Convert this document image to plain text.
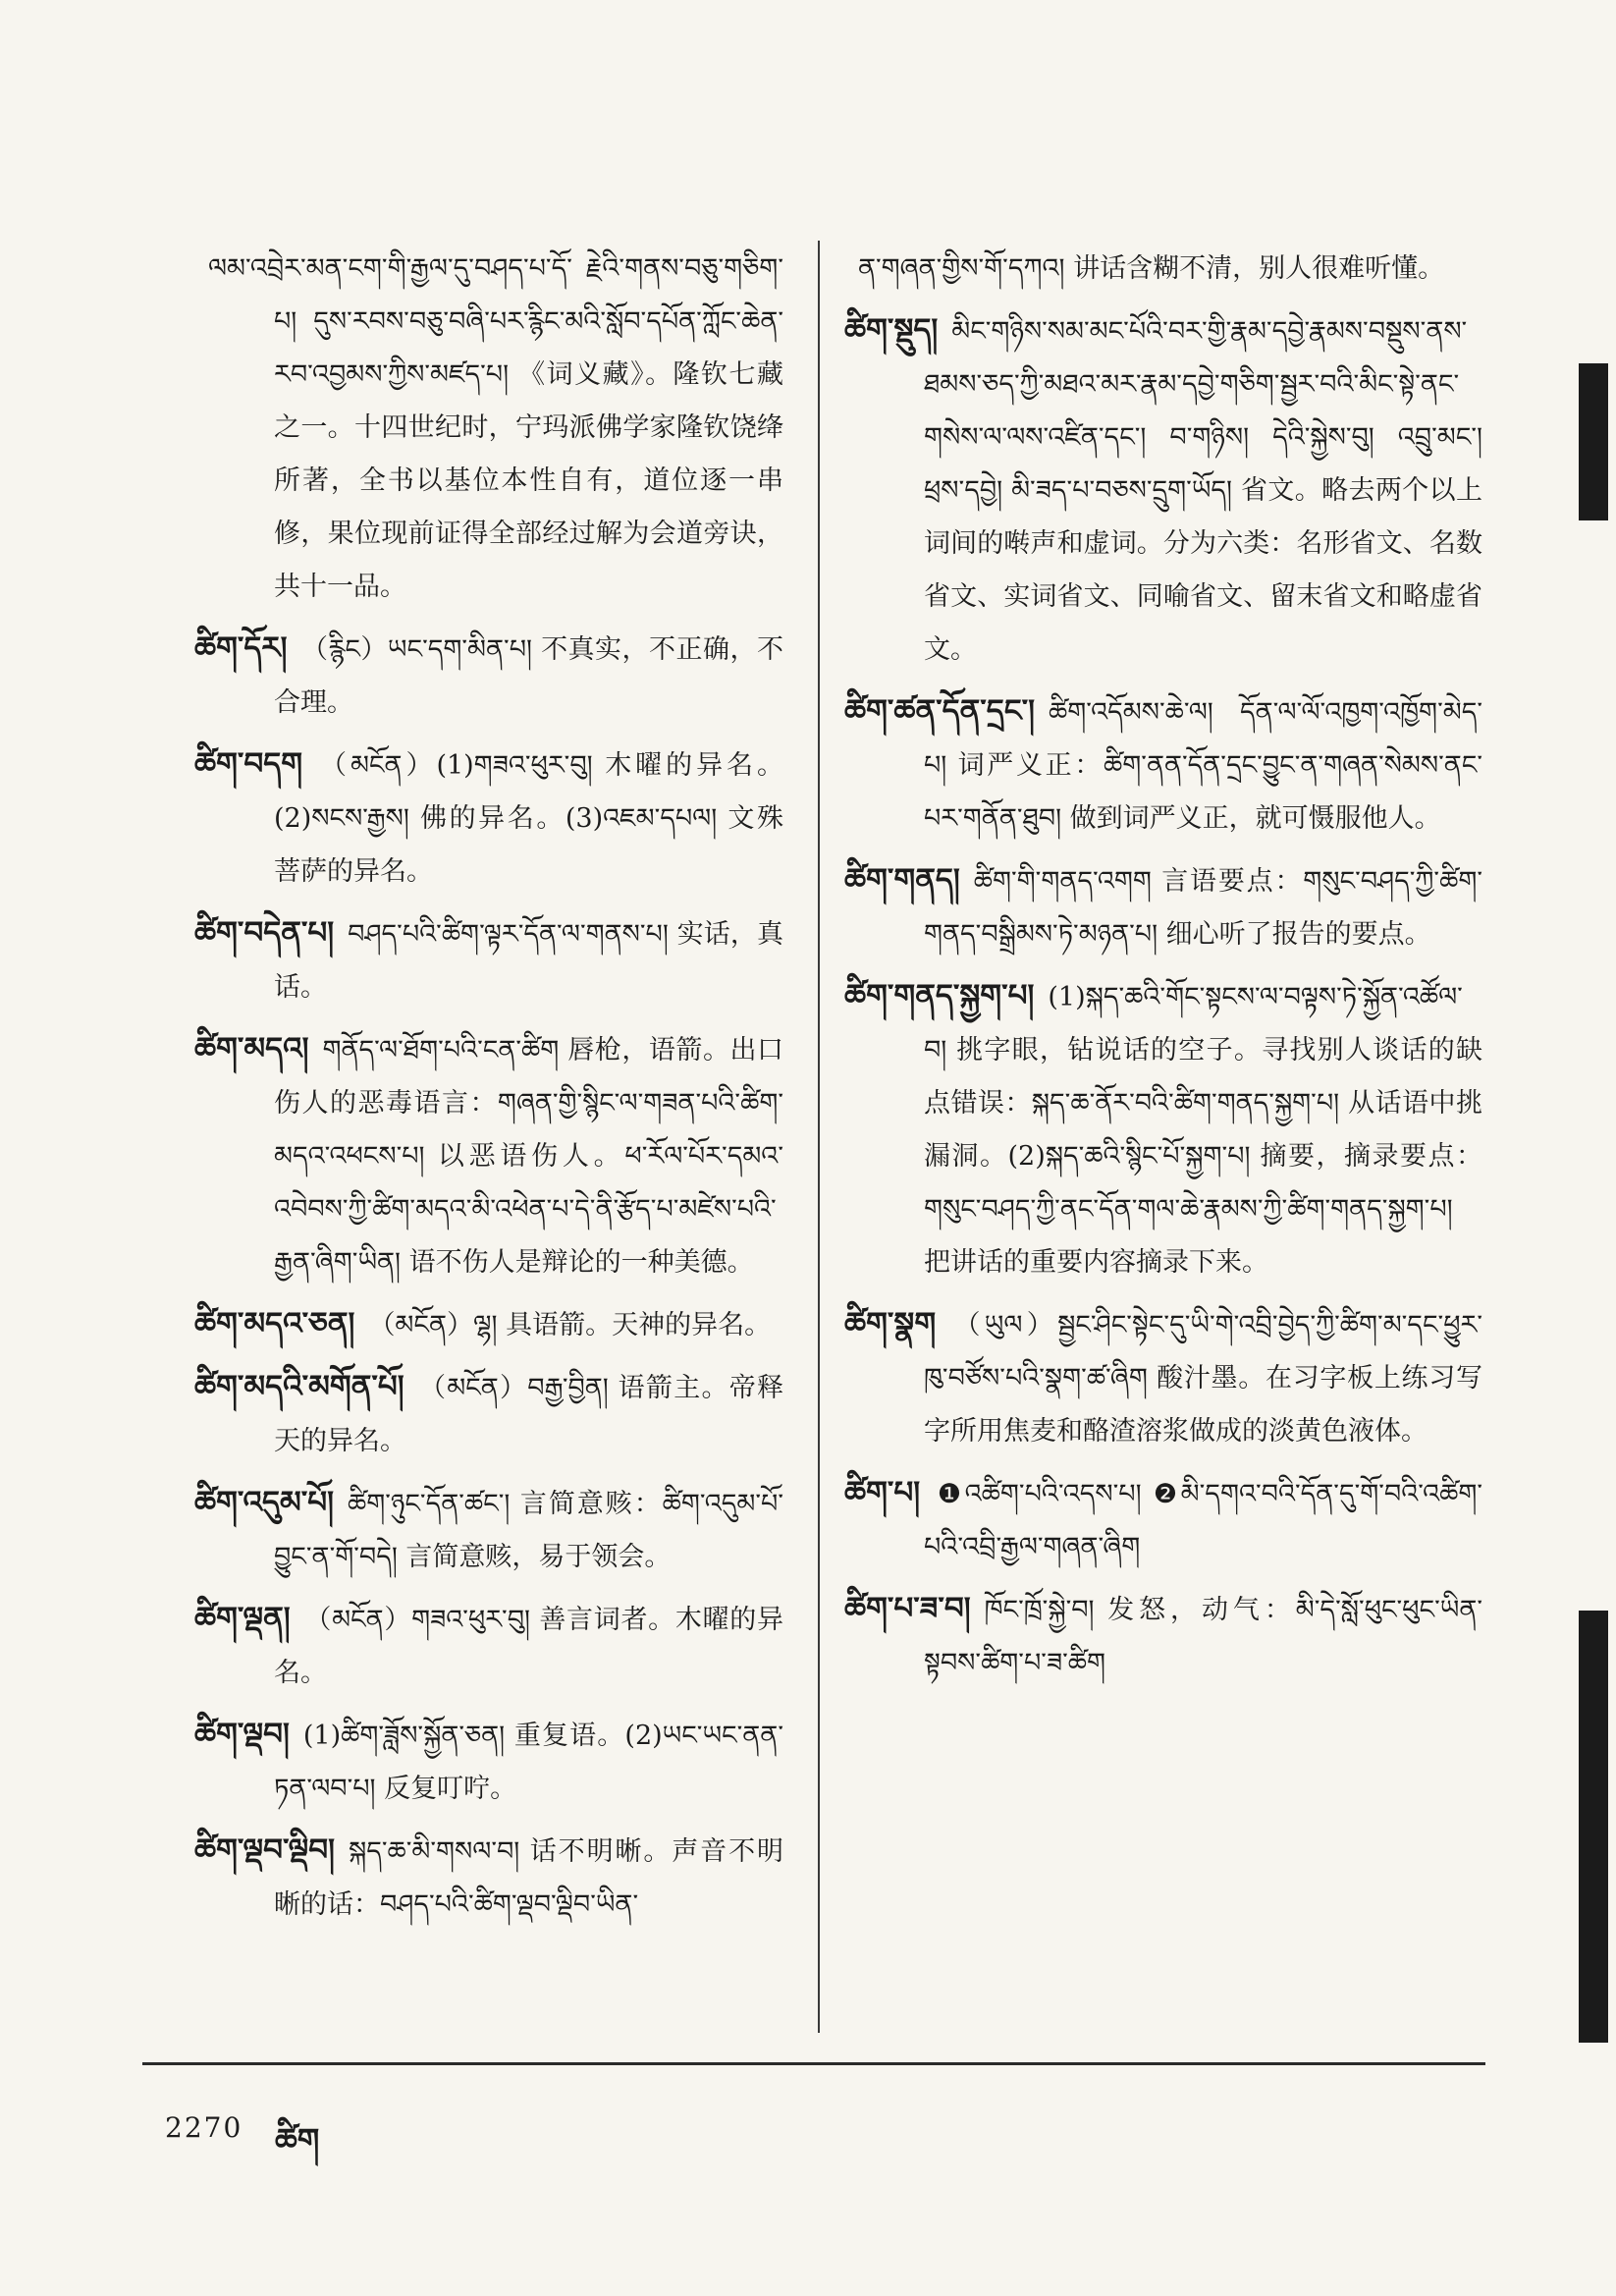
ལམ་འབྲེར་མན་ངག་གི་རྒྱལ་དུ་བཤད་པ་དོ་ རྗེའི་གནས་བཅུ་གཅིག་པ། དུས་རབས་བཅུ་བཞི་པར་རྙིང་མའི་སློབ་དཔོན་ཀློང་ཆེན་རབ་འབྱམས་ཀྱིས་མཛད་པ། 《词义藏》。隆钦七藏之一。十四世纪时，宁玛派佛学家隆钦饶绛所著，全书以基位本性自有，道位逐一串修，果位现前证得全部经过解为会道旁诀，共十一品。

ཚིག་དོར། （རྙིང）ཡང་དག་མིན་པ། 不真实，不正确，不合理。

ཚིག་བདག （མངོན）(1)གཟའ་ཕུར་བུ། 木曜的异名。(2)སངས་རྒྱས། 佛的异名。(3)འཇམ་དཔལ། 文殊菩萨的异名。

ཚིག་བདེན་པ། བཤད་པའི་ཚིག་ལྟར་དོན་ལ་གནས་པ། 实话，真话。

ཚིག་མདའ། གནོད་ལ་ཐོག་པའི་ངན་ཚིག 唇枪，语箭。出口伤人的恶毒语言：གཞན་གྱི་སྙིང་ལ་གཟན་པའི་ཚིག་མདའ་འཕངས་པ། 以恶语伤人。ཕ་རོལ་པོར་དམའ་འབེབས་ཀྱི་ཚིག་མདའ་མི་འཕེན་པ་དེ་ནི་རྩོད་པ་མཛེས་པའི་རྒྱན་ཞིག་ཡིན། 语不伤人是辩论的一种美德。

ཚིག་མདའ་ཅན། （མངོན）ལྷ། 具语箭。天神的异名。

ཚིག་མདའི་མགོན་པོ། （མངོན）བརྒྱ་བྱིན། 语箭主。帝释天的异名。

ཚིག་འདུམ་པོ། ཚིག་ཉུང་དོན་ཚང་། 言简意赅：ཚིག་འདུམ་པོ་བྱུང་ན་གོ་བདེ། 言简意赅，易于领会。

ཚིག་ལྡན། （མངོན）གཟའ་ཕུར་བུ། 善言词者。木曜的异名。

ཚིག་ལྡབ། (1)ཚིག་ཟློས་སྐྱོན་ཅན། 重复语。(2)ཡང་ཡང་ནན་ཏན་ལབ་པ། 反复叮咛。

ཚིག་ལྡབ་ལྡིབ། སྐད་ཆ་མི་གསལ་བ། 话不明晰。声音不明晰的话：བཤད་པའི་ཚིག་ལྡབ་ལྡིབ་ཡིན་

ན་གཞན་གྱིས་གོ་དཀའ། 讲话含糊不清，别人很难听懂。

ཚིག་སྡུད། མིང་གཉིས་སམ་མང་པོའི་བར་གྱི་རྣམ་དབྱེ་རྣམས་བསྡུས་ནས་ཐམས་ཅད་ཀྱི་མཐའ་མར་རྣམ་དབྱེ་གཅིག་སྦྱར་བའི་མིང་སྟེ་ནང་གསེས་ལ་ལས་འཛིན་དང་། བ་གཉིས། དེའི་སྐྱེས་བུ། འབྲུ་མང་། ཕྲས་དབྱེ། མི་ཟད་པ་བཅས་དྲུག་ཡོད། 省文。略去两个以上词间的啭声和虚词。分为六类：名形省文、名数省文、实词省文、同喻省文、留末省文和略虚省文。

ཚིག་ཚན་དོན་དྲང་། ཚིག་འདོམས་ཆེ་ལ། དོན་ལ་ལོ་འཁྱག་འཁྱོག་མེད་པ། 词严义正：ཚིག་ནན་དོན་དྲང་བྱུང་ན་གཞན་སེམས་ནང་པར་གནོན་ཐུབ། 做到词严义正，就可慑服他人。

ཚིག་གནད། ཚིག་གི་གནད་འགག 言语要点：གསུང་བཤད་ཀྱི་ཚིག་གནད་བསྒྲིམས་ཏེ་མཉན་པ། 细心听了报告的要点。

ཚིག་གནད་སྐྱག་པ། (1)སྐད་ཆའི་གོང་སྟངས་ལ་བལྟས་ཏེ་སྐྱོན་འཚོལ་བ། 挑字眼，钻说话的空子。寻找别人谈话的缺点错误：སྐད་ཆ་ནོར་བའི་ཚིག་གནད་སྐྱག་པ། 从话语中挑漏洞。(2)སྐད་ཆའི་སྙིང་པོ་སྐྱག་པ། 摘要，摘录要点：གསུང་བཤད་ཀྱི་ནང་དོན་གལ་ཆེ་རྣམས་ཀྱི་ཚིག་གནད་སྐྱག་པ། 把讲话的重要内容摘录下来。

ཚིག་སྣག （ཡུལ）སྦྱང་ཤིང་སྟེང་དུ་ཡི་གེ་འབྲི་བྱེད་ཀྱི་ཚིག་མ་དང་ཕྱུར་ཁུ་བཙོས་པའི་སྣག་ཚ་ཞིག 酸汁墨。在习字板上练习写字所用焦麦和酪渣溶浆做成的淡黄色液体。

ཚིག་པ། ❶འཚིག་པའི་འདས་པ། ❷མི་དགའ་བའི་དོན་དུ་གོ་བའི་འཚིག་པའི་འབྲི་རྒྱལ་གཞན་ཞིག

ཚིག་པ་ཟ་བ། ཁོང་ཁྲོ་སྐྱེ་བ། 发怒，动气：མི་དེ་སློ་ཕུང་ཕུང་ཡིན་སྟབས་ཚིག་པ་ཟ་ཚིག

2270 ཚིག
